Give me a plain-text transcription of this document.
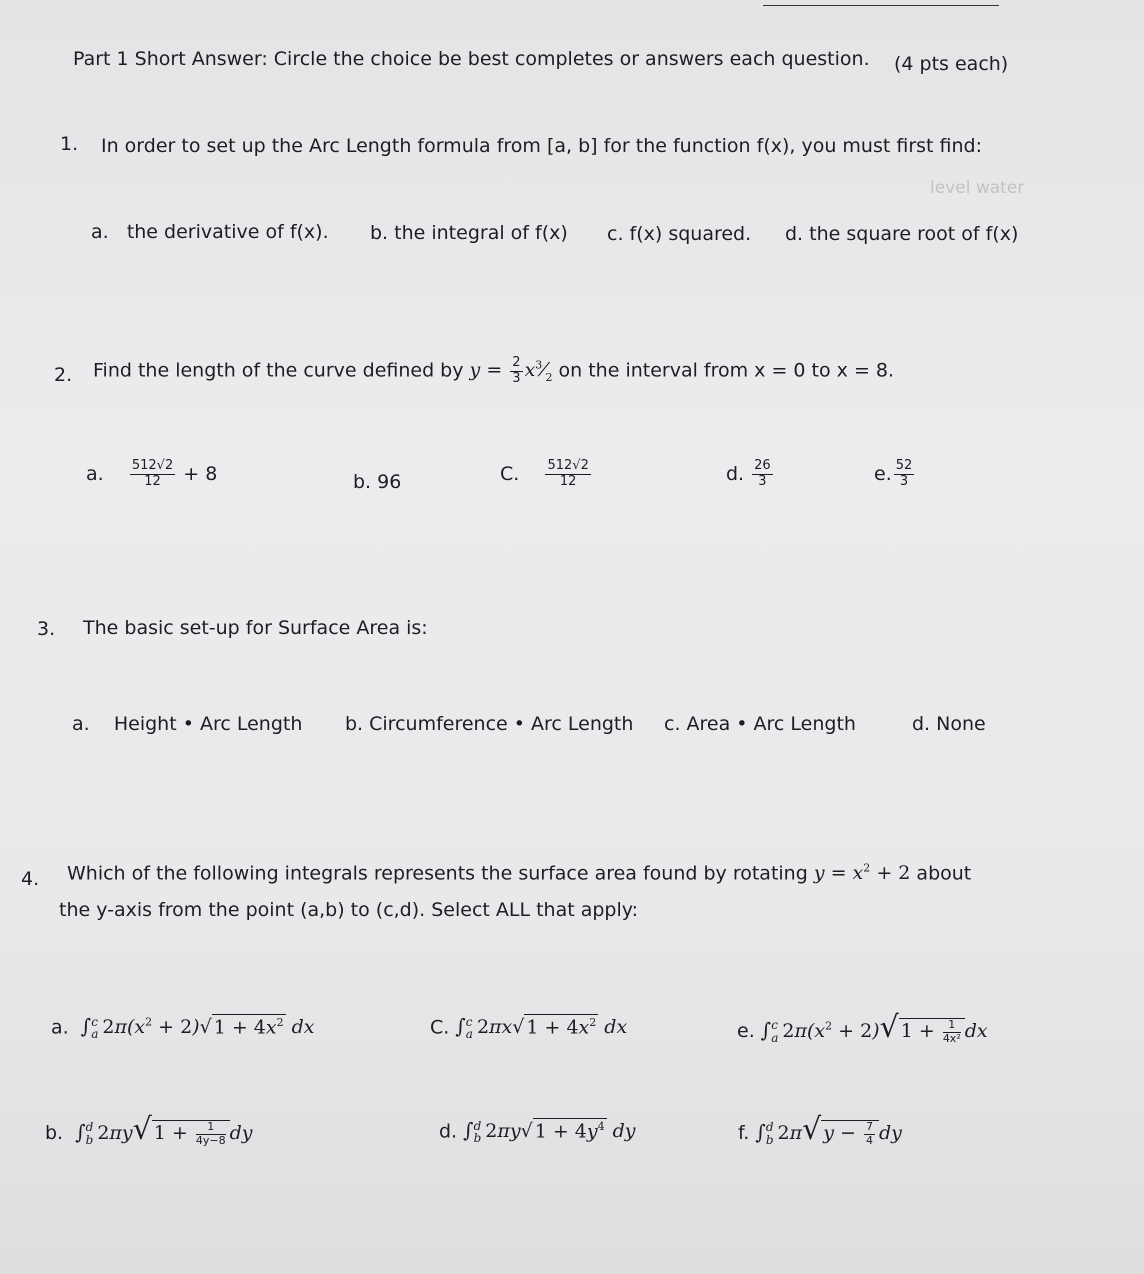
level water
Part 1 Short Answer: Circle the choice be best completes or answers each question. (4 pts each)
1. In order to set up the Arc Length formula from [a, b] for the function f(x), you must first find:
a. the derivative of f(x). b. the integral of f(x) c. f(x) squared. d. the square root of f(x)
2. Find the length of the curve defined by $y = \frac{2}{3}$ $x^3⁄_2$ on the interval from x = 0 to x = 8.
a. $\frac{512√2}{12} + 8$	b. 96	C. $\frac{512√2}{12}$	d. $\frac{26}{3}$	e. $\frac{52}{3}$
3. The basic set-up for Surface Area is:
a. Height • Arc Length b. Circumference • Arc Length c. Area • Arc Length	d. None
4. Which of the following integrals represents the surface area found by rotating $y = x^2 + 2$ about
the y-axis from the point (a,b) to (c,d). Select ALL that apply:
a. ∫ c
a $2\pi(x^2 + 2)√$ $1 + 4x^2$ dx	C. ∫ c
a 2πx√ $1 + 4x^2$ dx	e. ∫ c
a $2\pi(x^2 + 2)√$ $1 + \frac{1}{\text{4x²}}$ dx
b. ∫ d
b 2πy√ $1 + \frac{1}{4y-8}$ dy	d. ∫ d
b 2πy√ $1 + 4y^4$ dy	f. ∫ d
b 2π√ $y - \frac{7}{4}$ dy
